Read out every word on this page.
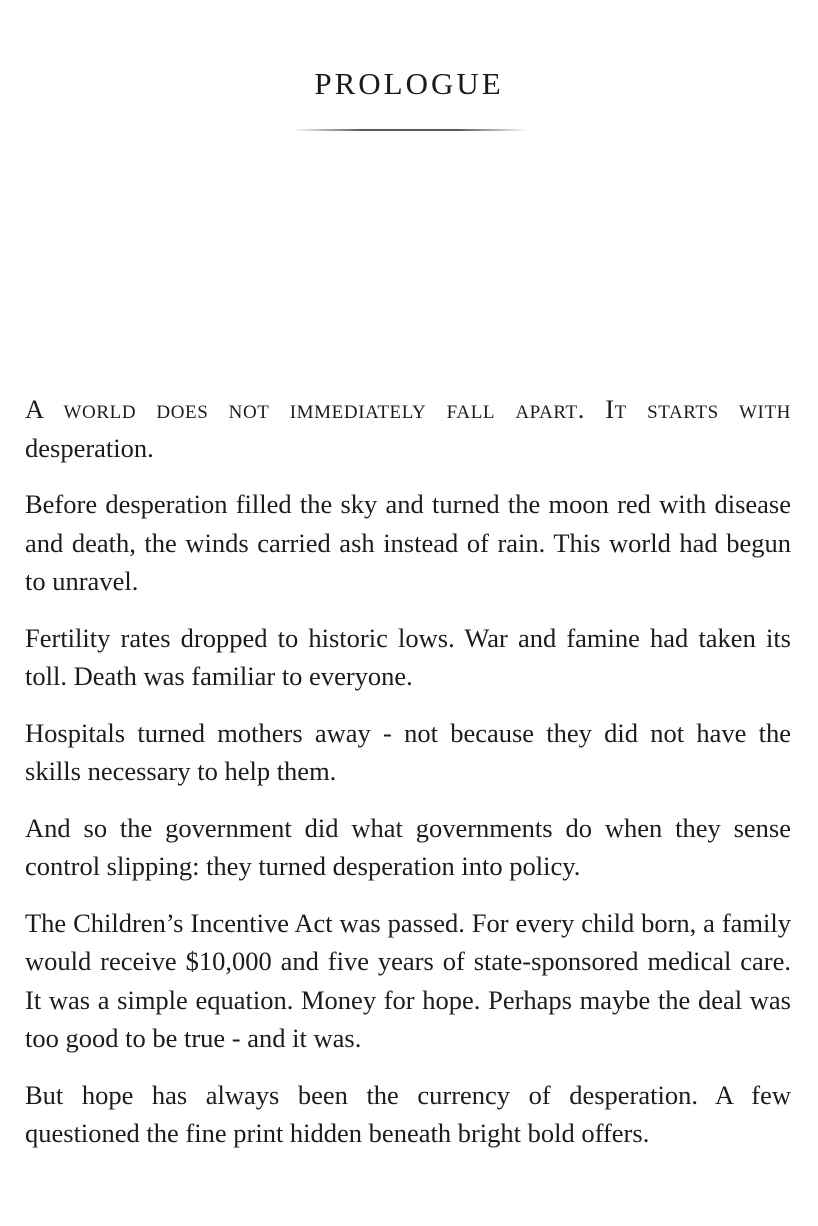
PROLOGUE

A world does not immediately fall apart. It starts with desperation.

Before desperation filled the sky and turned the moon red with disease and death, the winds carried ash instead of rain. This world had begun to unravel.

Fertility rates dropped to historic lows. War and famine had taken its toll. Death was familiar to everyone.

Hospitals turned mothers away - not because they did not have the skills necessary to help them.

And so the government did what governments do when they sense control slipping: they turned desperation into policy.

The Children’s Incentive Act was passed. For every child born, a family would receive $10,000 and five years of state-sponsored medical care. It was a simple equation. Money for hope. Perhaps maybe the deal was too good to be true - and it was.

But hope has always been the currency of desperation. A few questioned the fine print hidden beneath bright bold offers.
